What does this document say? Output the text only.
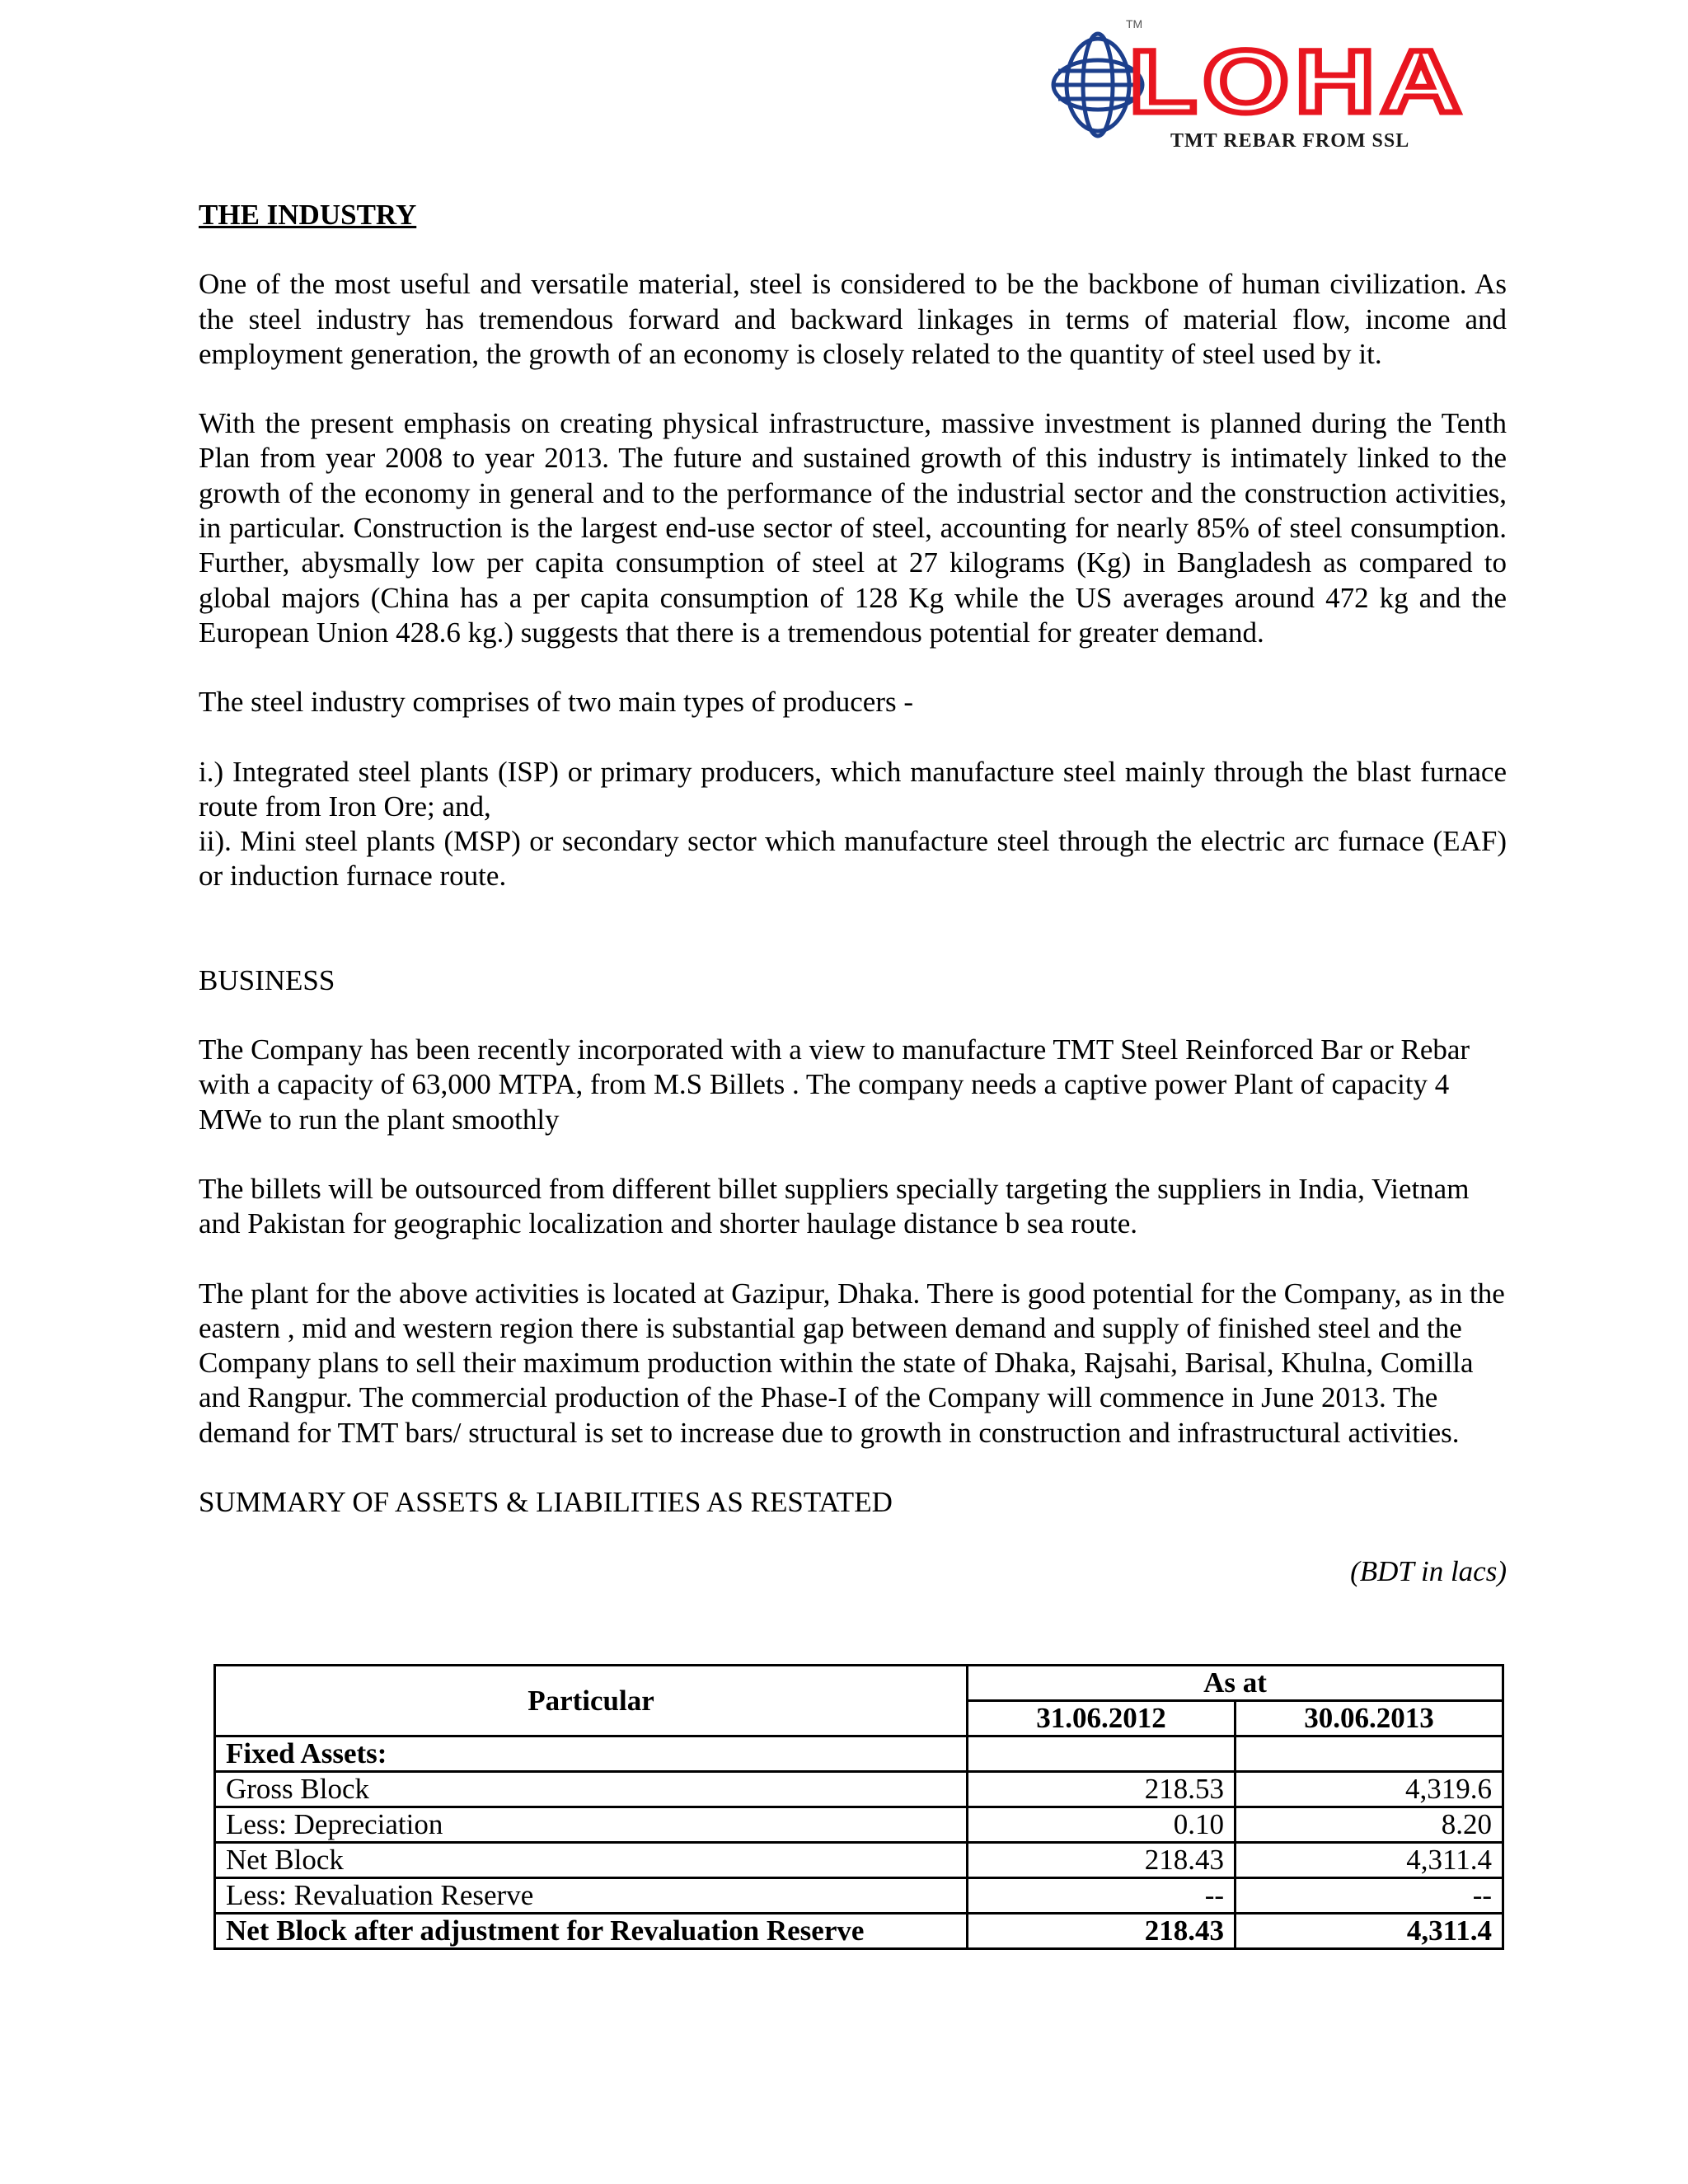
TM
LOHA
TMT REBAR FROM SSL

THE INDUSTRY

One of the most useful and versatile material, steel is considered to be the backbone of human civilization. As the steel industry has tremendous forward and backward linkages in terms of material flow, income and employment generation, the growth of an economy is closely related to the quantity of steel used by it.

With the present emphasis on creating physical infrastructure, massive investment is planned during the Tenth Plan from year 2008 to year 2013. The future and sustained growth of this industry is intimately linked to the growth of the economy in general and to the performance of the industrial sector and the construction activities, in particular. Construction is the largest end-use sector of steel, accounting for nearly 85% of steel consumption. Further, abysmally low per capita consumption of steel at 27 kilograms (Kg) in Bangladesh as compared to global majors (China has a per capita consumption of 128 Kg while the US averages around 472 kg and the European Union 428.6 kg.) suggests that there is a tremendous potential for greater demand.

The steel industry comprises of two main types of producers -

i.) Integrated steel plants (ISP) or primary producers, which manufacture steel mainly through the blast furnace route from Iron Ore; and,

ii). Mini steel plants (MSP) or secondary sector which manufacture steel through the electric arc furnace (EAF) or induction furnace route.

BUSINESS

The Company has been recently incorporated with a view to manufacture TMT Steel Reinforced Bar or Rebar with a capacity of 63,000 MTPA, from M.S Billets . The company needs a captive power Plant of capacity 4 MWe to run the plant smoothly

The billets will be outsourced from different billet suppliers specially targeting the suppliers in India, Vietnam and Pakistan for geographic localization and shorter haulage distance b sea route.

The plant for the above activities is located at Gazipur, Dhaka. There is good potential for the Company, as in the eastern , mid and western region there is substantial gap between demand and supply of finished steel and the Company plans to sell their maximum production within the state of Dhaka, Rajsahi, Barisal, Khulna, Comilla and Rangpur. The commercial production of the Phase-I of the Company will commence in June 2013. The demand for TMT bars/ structural is set to increase due to growth in construction and infrastructural activities.

SUMMARY OF ASSETS & LIABILITIES AS RESTATED

(BDT in lacs)

Particular	As at	
	31.06.2012	30.06.2013
Fixed Assets:		
Gross Block	218.53	4,319.6
Less: Depreciation	0.10	8.20
Net Block	218.43	4,311.4
Less: Revaluation Reserve	--	--
Net Block after adjustment for Revaluation Reserve	218.43	4,311.4
